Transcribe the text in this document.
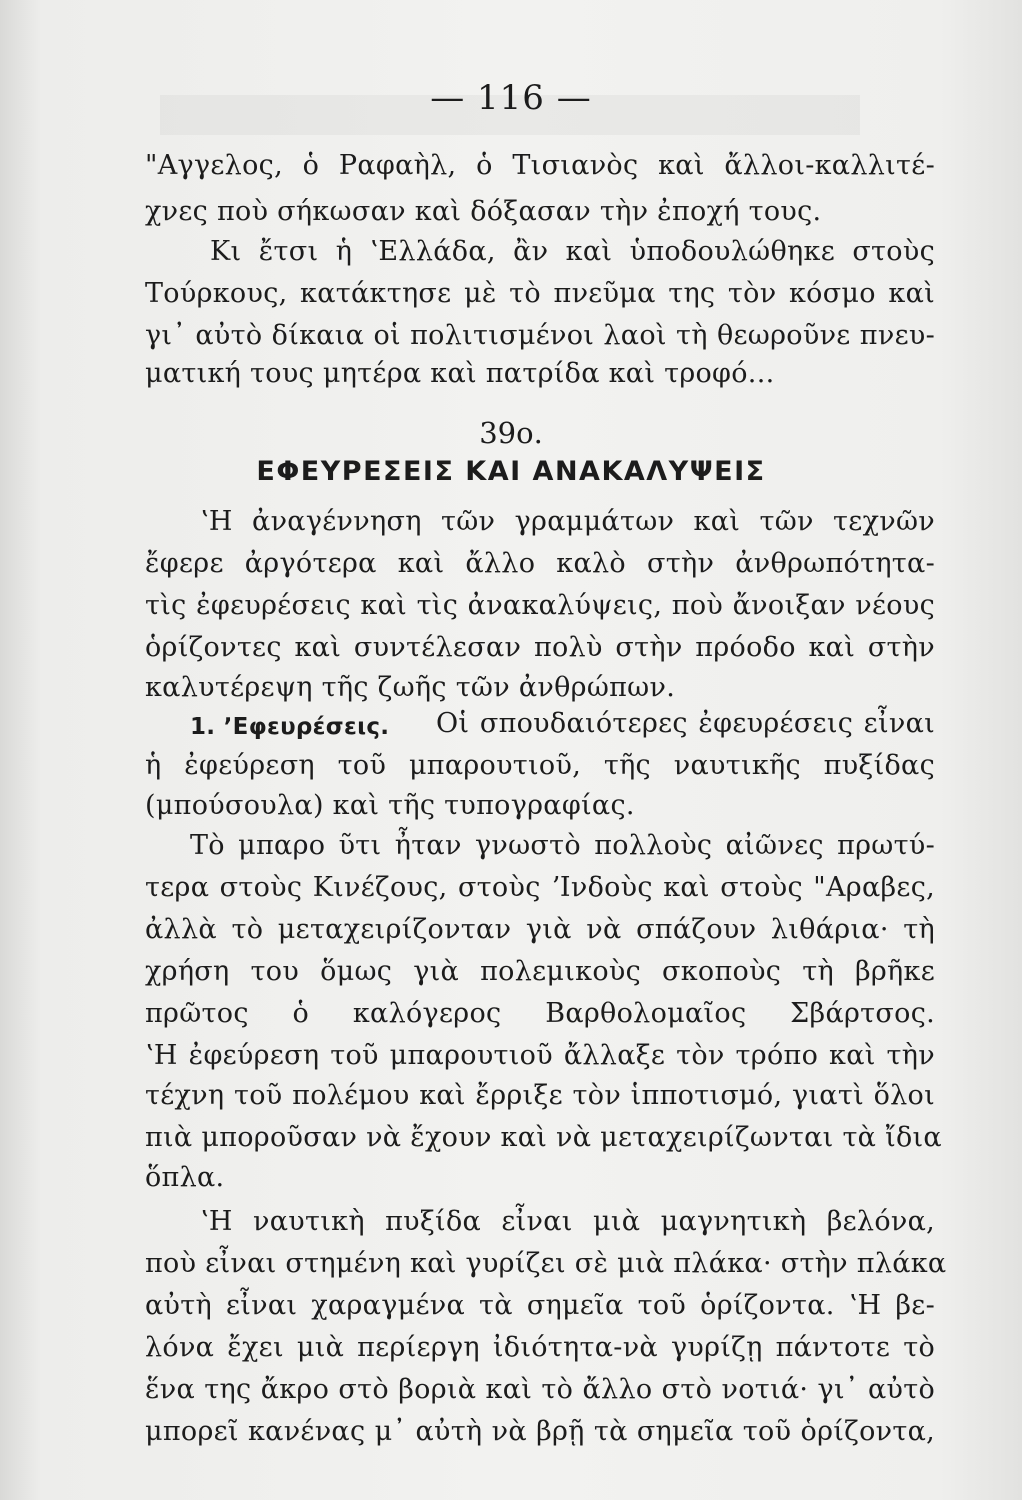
— 116 —
"Αγγελος, ὁ Ραφαὴλ, ὁ Τισιανὸς καὶ ἄλλοι-καλλιτέ-
χνες ποὺ σήκωσαν καὶ δόξασαν τὴν ἐποχή τους.
Κι ἔτσι ἡ ʽΕλλάδα, ἂν καὶ ὑποδουλώθηκε στοὺς
Τούρκους, κατάκτησε μὲ τὸ πνεῦμα της τὸν κόσμο καὶ
γι᾽ αὐτὸ δίκαια οἱ πολιτισμένοι λαοὶ τὴ θεωροῦνε πνευ-
ματική τους μητέρα καὶ πατρίδα καὶ τροφό...
39ο.
ΕΦΕΥΡΕΣΕΙΣ ΚΑΙ ΑΝΑΚΑΛΥΨΕΙΣ
ʽΗ ἀναγέννηση τῶν γραμμάτων καὶ τῶν τεχνῶν
ἔφερε ἀργότερα καὶ ἄλλο καλὸ στὴν ἀνθρωπότητα-
τὶς ἐφευρέσεις καὶ τὶς ἀνακαλύψεις, ποὺ ἄνοιξαν νέους
ὁρίζοντες καὶ συντέλεσαν πολὺ στὴν πρόοδο καὶ στὴν
καλυτέρεψη τῆς ζωῆς τῶν ἀνθρώπων.
1. ʼΕφευρέσεις.	Οἱ σπουδαιότερες ἐφευρέσεις εἶναι
ἡ ἐφεύρεση τοῦ μπαρουτιοῦ, τῆς ναυτικῆς πυξίδας
(μπούσουλα) καὶ τῆς τυπογραφίας.
Τὸ μπαρο ῦτι ἦταν γνωστὸ πολλοὺς αἰῶνες πρωτύ-
τερα στοὺς Κινέζους, στοὺς ʼΙνδοὺς καὶ στοὺς "Αραβες,
ἀλλὰ τὸ μεταχειρίζονταν γιὰ νὰ σπάζουν λιθάρια· τὴ
χρήση του ὅμως γιὰ πολεμικοὺς σκοποὺς τὴ βρῆκε
πρῶτος ὁ καλόγερος Βαρθολομαῖος Σβάρτσος.
ʽΗ ἐφεύρεση τοῦ μπαρουτιοῦ ἄλλαξε τὸν τρόπο καὶ τὴν
τέχνη τοῦ πολέμου καὶ ἔρριξε τὸν ἱπποτισμό, γιατὶ ὅλοι
πιὰ μποροῦσαν νὰ ἔχουν καὶ νὰ μεταχειρίζωνται τὰ ἴδια
ὅπλα.
ʽΗ ναυτικὴ πυξίδα εἶναι μιὰ μαγνητικὴ βελόνα,
ποὺ εἶναι στημένη καὶ γυρίζει σὲ μιὰ πλάκα· στὴν πλάκα
αὐτὴ εἶναι χαραγμένα τὰ σημεῖα τοῦ ὁρίζοντα. ʽΗ βε-
λόνα ἔχει μιὰ περίεργη ἰδιότητα-νὰ γυρίζῃ πάντοτε τὸ
ἕνα της ἄκρο στὸ βοριὰ καὶ τὸ ἄλλο στὸ νοτιά· γι᾽ αὐτὸ
μπορεῖ κανένας μ᾽ αὐτὴ νὰ βρῇ τὰ σημεῖα τοῦ ὁρίζοντα,
